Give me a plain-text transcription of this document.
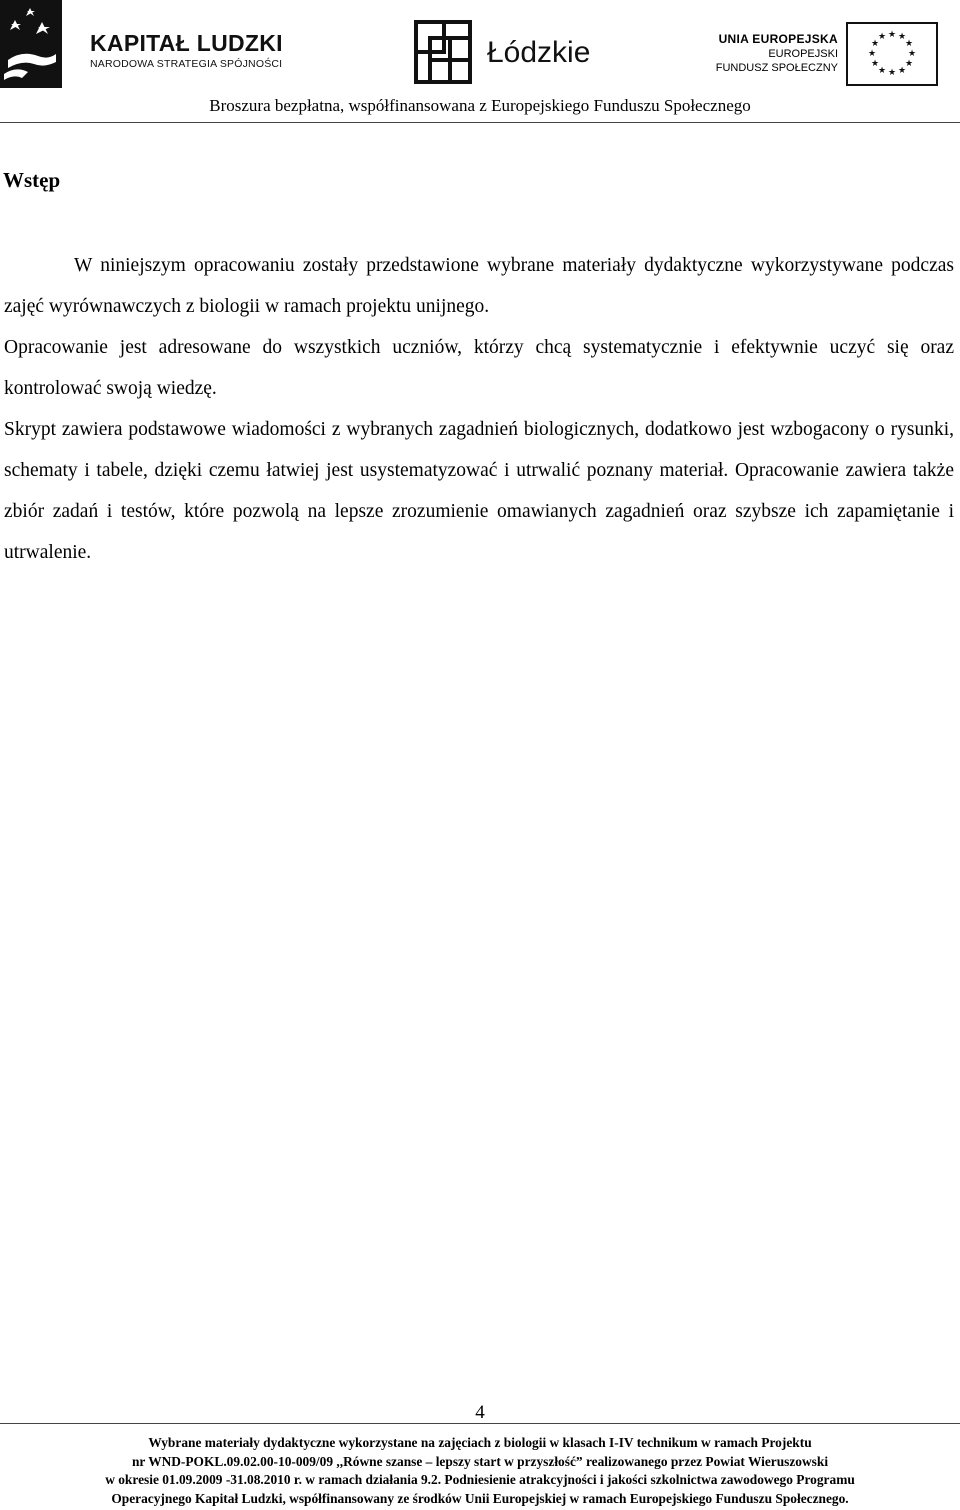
KAPITAŁ LUDZKI
NARODOWA STRATEGIA SPÓJNOŚCI	Łódzkie	UNIA EUROPEJSKA
EUROPEJSKI
FUNDUSZ SPOŁECZNY
★ ★
★
★
★
★
★
★
★
★
★
★
Broszura bezpłatna, współfinansowana z Europejskiego Funduszu Społecznego
Wstęp

W niniejszym opracowaniu zostały przedstawione wybrane materiały dydaktyczne wykorzystywane podczas zajęć wyrównawczych z biologii w ramach projektu unijnego.

Opracowanie jest adresowane do wszystkich uczniów, którzy chcą systematycznie i efektywnie uczyć się oraz kontrolować swoją wiedzę.

Skrypt zawiera podstawowe wiadomości z wybranych zagadnień biologicznych, dodatkowo jest wzbogacony o rysunki, schematy i tabele, dzięki czemu łatwiej jest usystematyzować i utrwalić poznany materiał. Opracowanie zawiera także zbiór zadań i testów, które pozwolą na lepsze zrozumienie omawianych zagadnień oraz szybsze ich zapamiętanie i utrwalenie.

4
Wybrane materiały dydaktyczne wykorzystane na zajęciach z biologii w klasach I-IV technikum w ramach Projektu
nr WND-POKL.09.02.00-10-009/09 ,,Równe szanse – lepszy start w przyszłość” realizowanego przez Powiat Wieruszowski
w okresie 01.09.2009 -31.08.2010 r. w ramach działania 9.2. Podniesienie atrakcyjności i jakości szkolnictwa zawodowego Programu
Operacyjnego Kapitał Ludzki, współfinansowany ze środków Unii Europejskiej w ramach Europejskiego Funduszu Społecznego.
